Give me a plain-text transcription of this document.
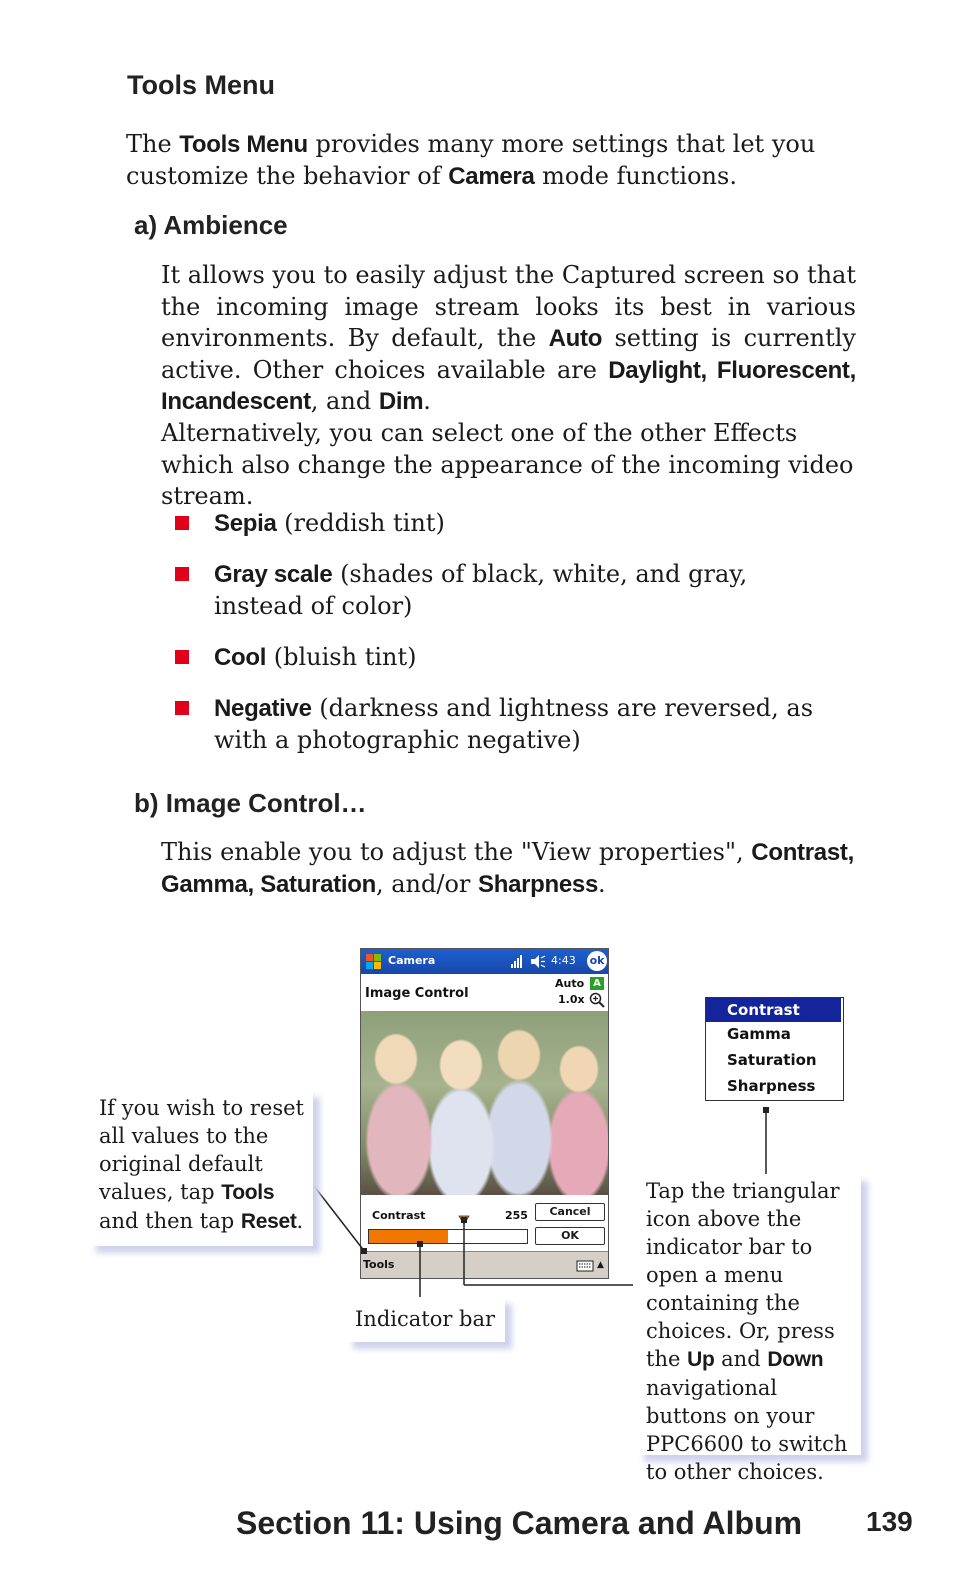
Tools Menu

The Tools Menu provides many more settings that let you customize the behavior of Camera mode functions.

a) Ambience

It allows you to easily adjust the Captured screen so that the incoming image stream looks its best in various environments. By default, the Auto setting is currently active. Other choices available are Daylight, Fluorescent, Incandescent, and Dim.

Alternatively, you can select one of the other Effects which also change the appearance of the incoming video stream.

Sepia (reddish tint)

Gray scale (shades of black, white, and gray, instead of color)

Cool (bluish tint)

Negative (darkness and lightness are reversed, as with a photographic negative)

b) Image Control…

This enable you to adjust the "View properties", Contrast, Gamma, Saturation, and/or Sharpness.

Camera	4:43 ok
Image Control
Auto A
1.0x
Contrast	255	Cancel
OK
Tools	▲
Contrast
Gamma
Saturation
Sharpness

If you wish to reset all values to the original default values, tap Tools and then tap Reset.

Indicator bar

Tap the triangular icon above the indicator bar to open a menu containing the choices. Or, press the Up and Down navigational buttons on your PPC6600 to switch to other choices.

Section 11: Using Camera and Album 139
